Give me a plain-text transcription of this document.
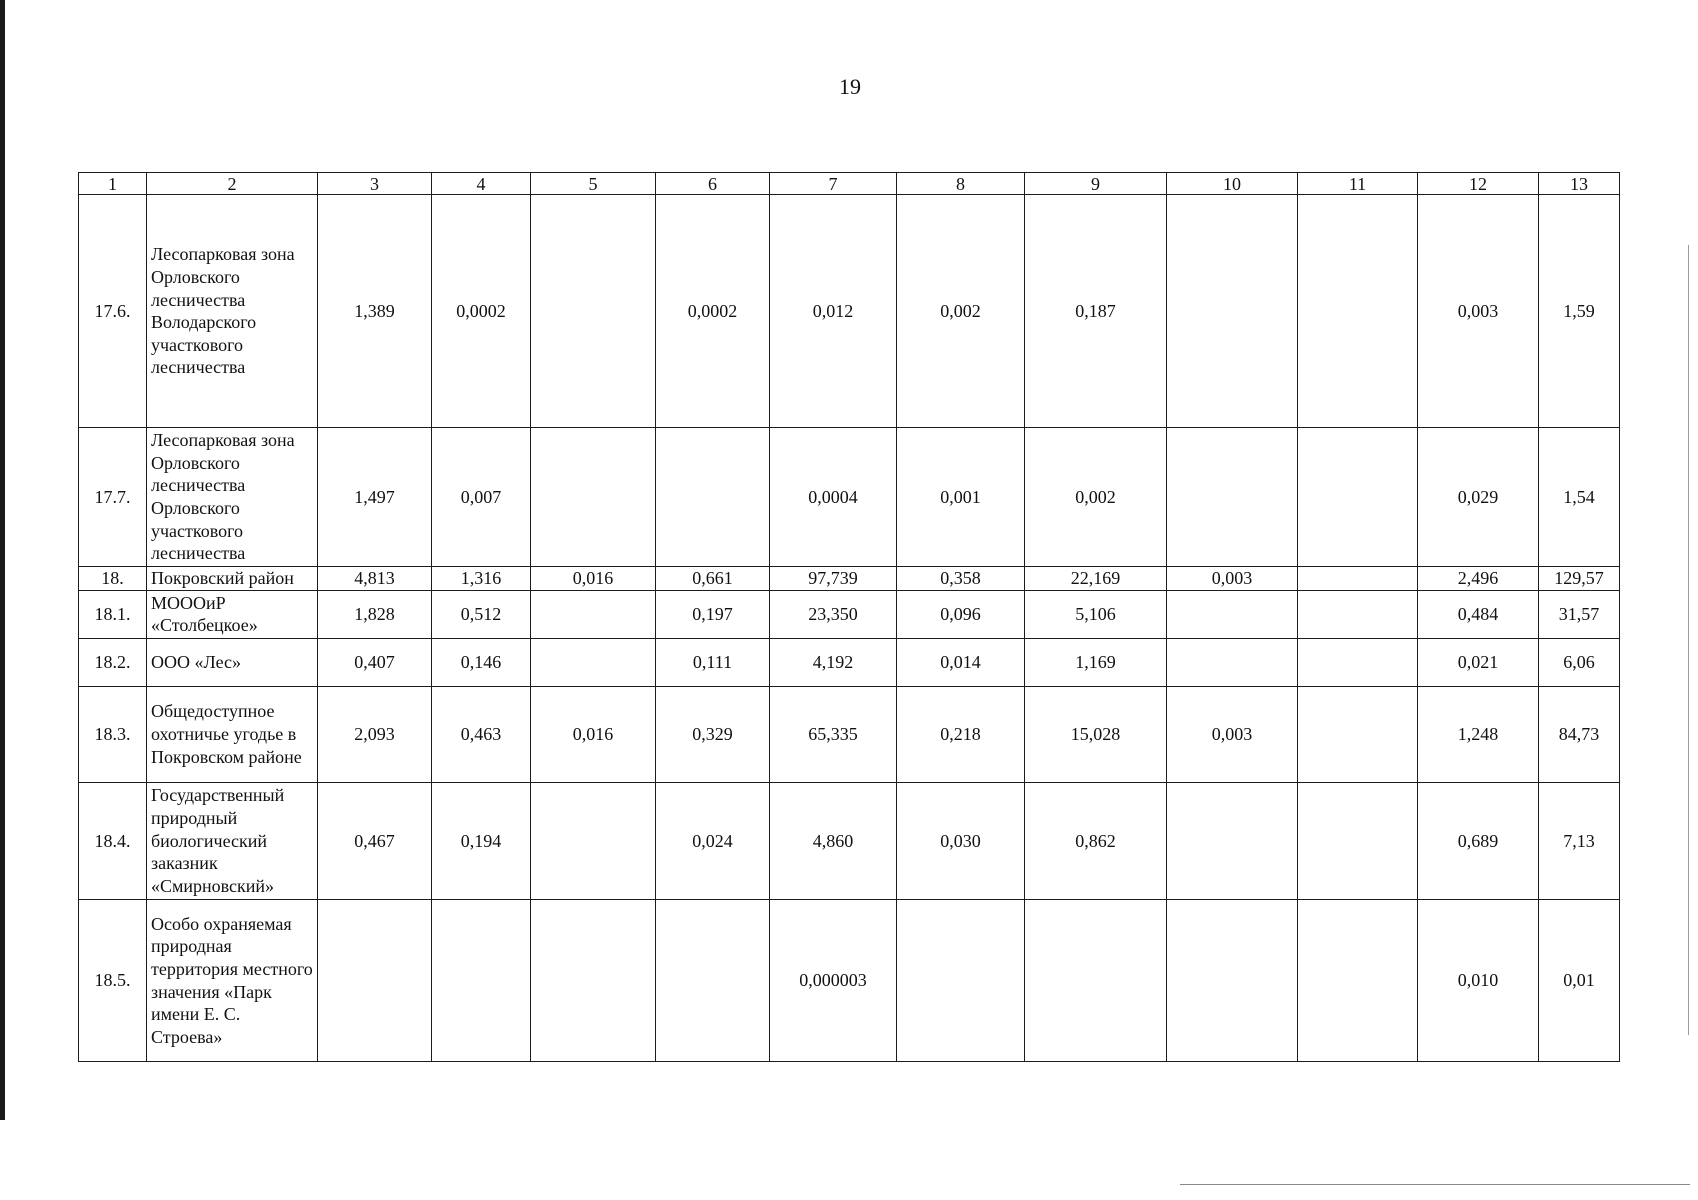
19
1	2	3	4	5	6	7	8	9	10	11	12	13
17.6.	Лесопарковая зона Орловского лесничества Володарского участкового лесничества	1,389	0,0002		0,0002	0,012	0,002	0,187			0,003	1,59
17.7.	Лесопарковая зона Орловского лесничества Орловского участкового лесничества	1,497	0,007			0,0004	0,001	0,002			0,029	1,54
18.	Покровский район	4,813	1,316	0,016	0,661	97,739	0,358	22,169	0,003		2,496	129,57
18.1.	МОООиР «Столбецкое»	1,828	0,512		0,197	23,350	0,096	5,106			0,484	31,57
18.2.	ООО «Лес»	0,407	0,146		0,111	4,192	0,014	1,169			0,021	6,06
18.3.	Общедоступное охотничье угодье в Покровском районе	2,093	0,463	0,016	0,329	65,335	0,218	15,028	0,003		1,248	84,73
18.4.	Государственный природный биологический заказник «Смирновский»	0,467	0,194		0,024	4,860	0,030	0,862			0,689	7,13
18.5.	Особо охраняемая природная территория местного значения «Парк имени Е. С. Строева»					0,000003					0,010	0,01
